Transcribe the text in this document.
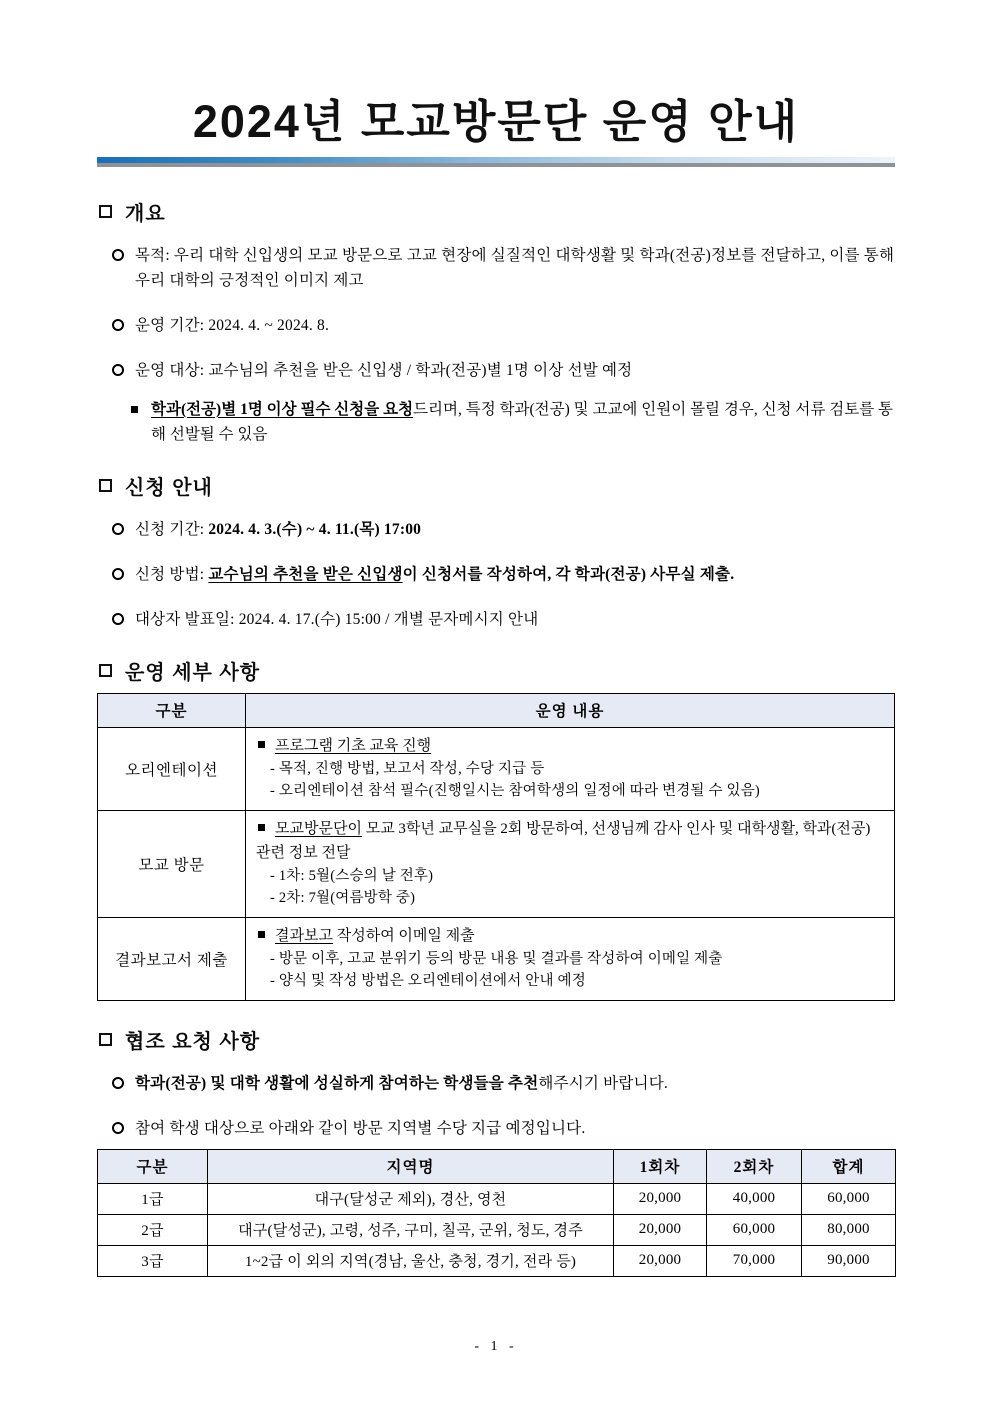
2024년 모교방문단 운영 안내
개요
목적: 우리 대학 신입생의 모교 방문으로 고교 현장에 실질적인 대학생활 및 학과(전공)정보를 전달하고, 이를 통해 우리 대학의 긍정적인 이미지 제고
운영 기간: 2024. 4. ~ 2024. 8.
운영 대상: 교수님의 추천을 받은 신입생 / 학과(전공)별 1명 이상 선발 예정
학과(전공)별 1명 이상 필수 신청을 요청드리며, 특정 학과(전공) 및 고교에 인원이 몰릴 경우, 신청 서류 검토를 통해 선발될 수 있음
신청 안내
신청 기간: 2024. 4. 3.(수) ~ 4. 11.(목) 17:00
신청 방법: 교수님의 추천을 받은 신입생이 신청서를 작성하여, 각 학과(전공) 사무실 제출.
대상자 발표일: 2024. 4. 17.(수) 15:00 / 개별 문자메시지 안내
운영 세부 사항
구분	운영 내용
오리엔테이션	프로그램 기초 교육 진행
- 목적, 진행 방법, 보고서 작성, 수당 지급 등
- 오리엔테이션 참석 필수(진행일시는 참여학생의 일정에 따라 변경될 수 있음)

모교 방문	모교방문단이 모교 3학년 교무실을 2회 방문하여, 선생님께 감사 인사 및 대학생활, 학과(전공) 관련 정보 전달
- 1차: 5월(스승의 날 전후)
- 2차: 7월(여름방학 중)

결과보고서 제출	결과보고 작성하여 이메일 제출
- 방문 이후, 고교 분위기 등의 방문 내용 및 결과를 작성하여 이메일 제출
- 양식 및 작성 방법은 오리엔테이션에서 안내 예정
협조 요청 사항
학과(전공) 및 대학 생활에 성실하게 참여하는 학생들을 추천해주시기 바랍니다.
참여 학생 대상으로 아래와 같이 방문 지역별 수당 지급 예정입니다.
구분	지역명	1회차	2회차	합계
1급	대구(달성군 제외), 경산, 영천	20,000	40,000	60,000
2급	대구(달성군), 고령, 성주, 구미, 칠곡, 군위, 청도, 경주	20,000	60,000	80,000
3급	1~2급 이 외의 지역(경남, 울산, 충청, 경기, 전라 등)	20,000	70,000	90,000
- 1 -
